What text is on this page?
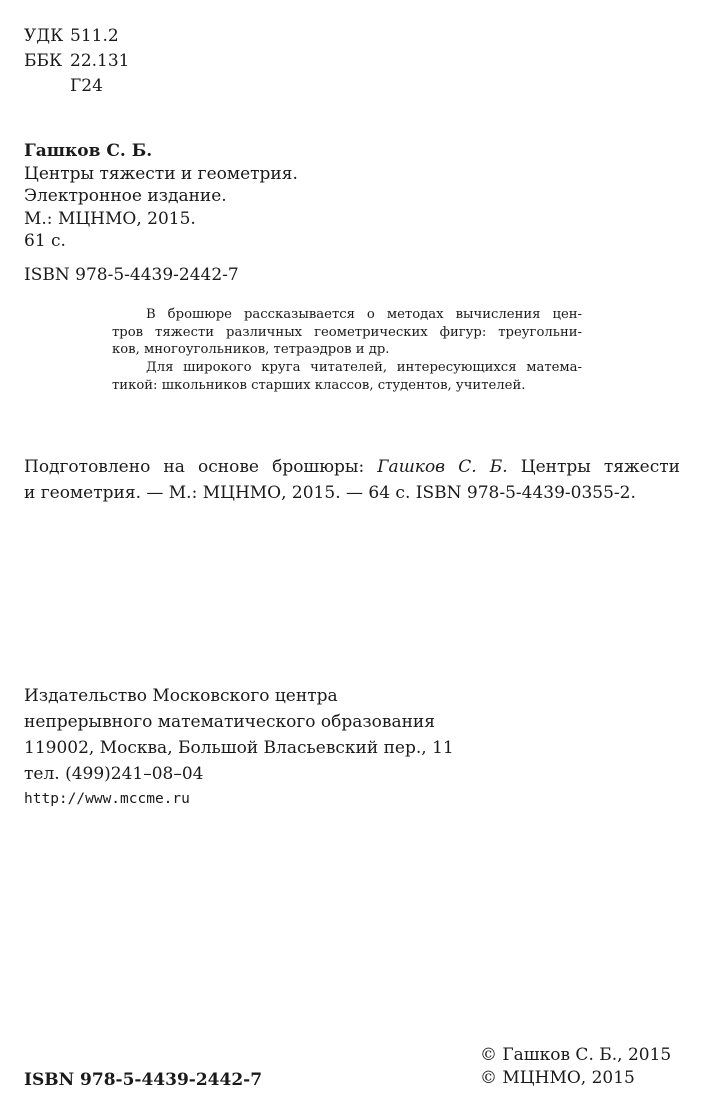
УДК 511.2
ББК 22.131
Г24
Гашков С. Б.
Центры тяжести и геометрия.
Электронное издание.
М.: МЦНМО, 2015.
61 с.
ISBN 978-5-4439-2442-7
В брошюре рассказывается о методах вычисления цен-
тров тяжести различных геометрических фигур: треугольни-
ков, многоугольников, тетраэдров и др.
Для широкого круга читателей, интересующихся матема-
тикой: школьников старших классов, студентов, учителей.
Подготовлено на основе брошюры: Гашков С. Б. Центры тяжести
и геометрия. — М.: МЦНМО, 2015. — 64 с. ISBN 978-5-4439-0355-2.
Издательство Московского центра
непрерывного математического образования
119002, Москва, Большой Власьевский пер., 11
тел. (499)241–08–04
http://www.mccme.ru
ISBN 978-5-4439-2442-7
© Гашков С. Б., 2015
© МЦНМО, 2015
